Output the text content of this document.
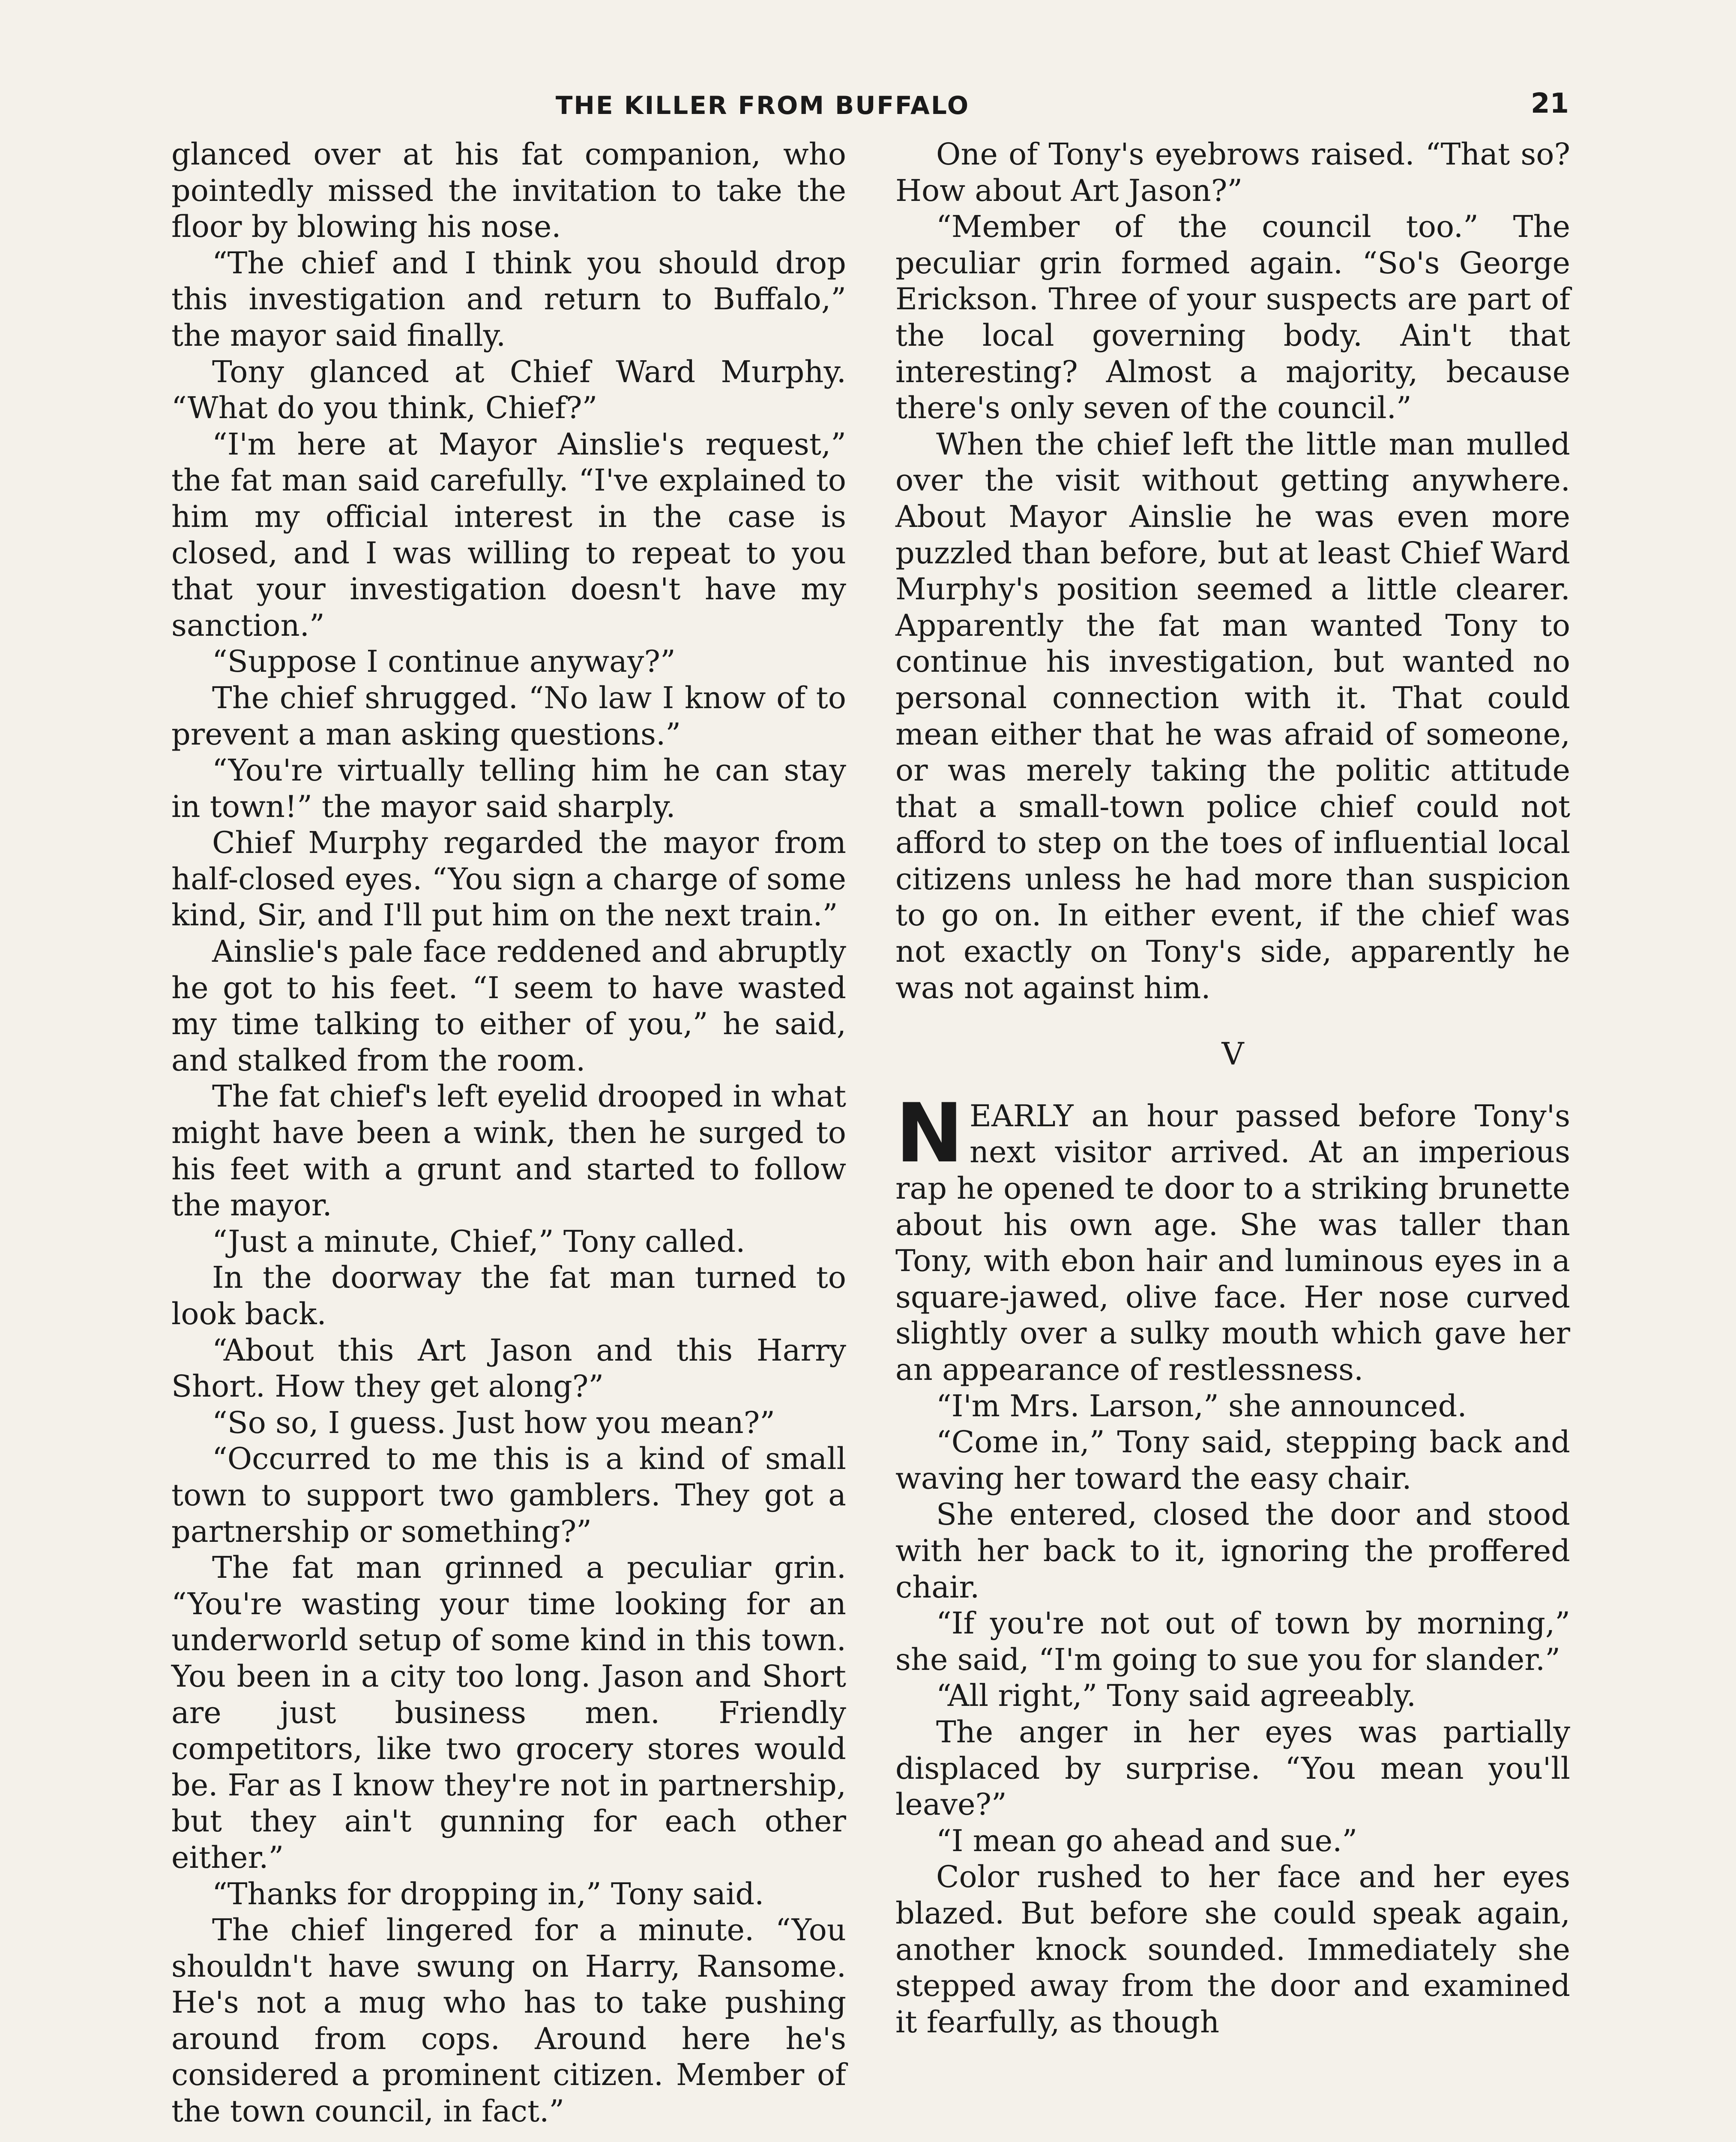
THE KILLER FROM BUFFALO	21

glanced over at his fat companion, who pointedly missed the invitation to take the floor by blowing his nose.

“The chief and I think you should drop this investigation and return to Buffalo,” the mayor said finally.

Tony glanced at Chief Ward Murphy. “What do you think, Chief?”

“I'm here at Mayor Ainslie's request,” the fat man said carefully. “I've explained to him my official interest in the case is closed, and I was willing to repeat to you that your investigation doesn't have my sanction.”

“Suppose I continue anyway?”

The chief shrugged. “No law I know of to prevent a man asking questions.”

“You're virtually telling him he can stay in town!” the mayor said sharply.

Chief Murphy regarded the mayor from half-closed eyes. “You sign a charge of some kind, Sir, and I'll put him on the next train.”

Ainslie's pale face reddened and abruptly he got to his feet. “I seem to have wasted my time talking to either of you,” he said, and stalked from the room.

The fat chief's left eyelid drooped in what might have been a wink, then he surged to his feet with a grunt and started to follow the mayor.

“Just a minute, Chief,” Tony called.

In the doorway the fat man turned to look back.

“About this Art Jason and this Harry Short. How they get along?”

“So so, I guess. Just how you mean?”

“Occurred to me this is a kind of small town to support two gamblers. They got a partnership or something?”

The fat man grinned a peculiar grin. “You're wasting your time looking for an underworld setup of some kind in this town. You been in a city too long. Jason and Short are just business men. Friendly competitors, like two grocery stores would be. Far as I know they're not in partnership, but they ain't gunning for each other either.”

“Thanks for dropping in,” Tony said.

The chief lingered for a minute. “You shouldn't have swung on Harry, Ransome. He's not a mug who has to take pushing around from cops. Around here he's considered a prominent citizen. Member of the town council, in fact.”

One of Tony's eyebrows raised. “That so? How about Art Jason?”

“Member of the council too.” The peculiar grin formed again. “So's George Erickson. Three of your suspects are part of the local governing body. Ain't that interesting? Almost a majority, because there's only seven of the council.”

When the chief left the little man mulled over the visit without getting anywhere. About Mayor Ainslie he was even more puzzled than before, but at least Chief Ward Murphy's position seemed a little clearer. Apparently the fat man wanted Tony to continue his investigation, but wanted no personal connection with it. That could mean either that he was afraid of someone, or was merely taking the politic attitude that a small-town police chief could not afford to step on the toes of influential local citizens unless he had more than suspicion to go on. In either event, if the chief was not exactly on Tony's side, apparently he was not against him.

V

NEARLY an hour passed before Tony's next visitor arrived. At an imperious rap he opened te door to a striking brunette about his own age. She was taller than Tony, with ebon hair and luminous eyes in a square-jawed, olive face. Her nose curved slightly over a sulky mouth which gave her an appearance of restlessness.

“I'm Mrs. Larson,” she announced.

“Come in,” Tony said, stepping back and waving her toward the easy chair.

She entered, closed the door and stood with her back to it, ignoring the proffered chair.

“If you're not out of town by morning,” she said, “I'm going to sue you for slander.”

“All right,” Tony said agreeably.

The anger in her eyes was partially displaced by surprise. “You mean you'll leave?”

“I mean go ahead and sue.”

Color rushed to her face and her eyes blazed. But before she could speak again, another knock sounded. Immediately she stepped away from the door and examined it fearfully, as though
